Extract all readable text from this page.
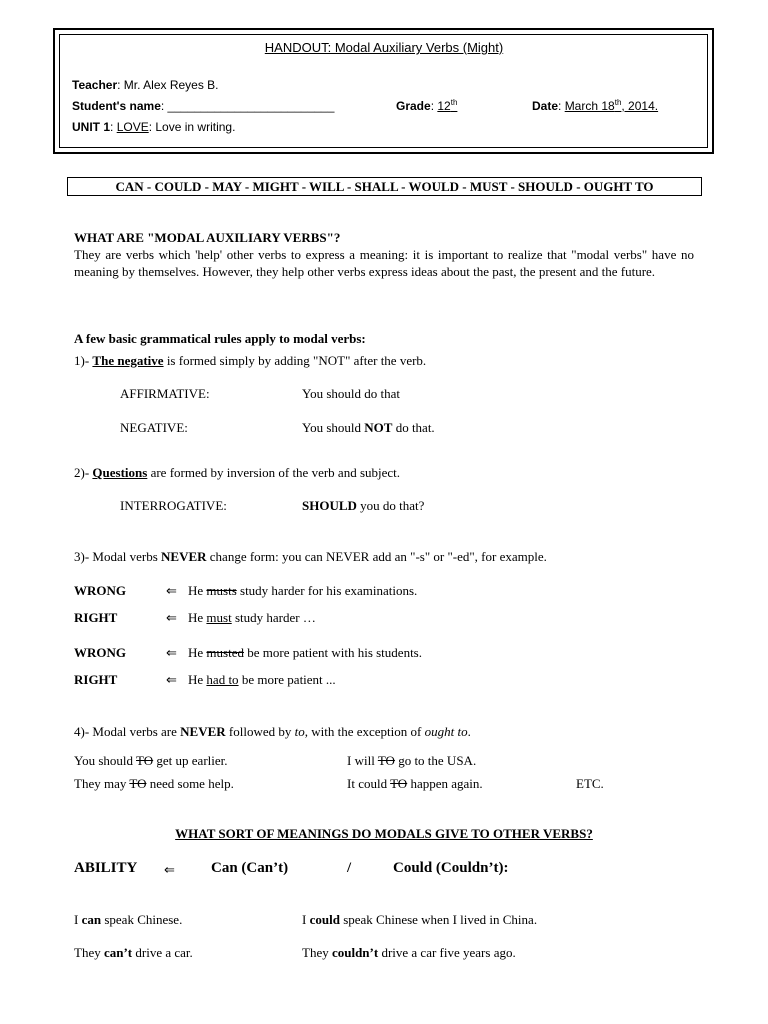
HANDOUT: Modal Auxiliary Verbs (Might)
Teacher: Mr. Alex Reyes B.
Student's name: _________________________	Grade: 12th	Date: March 18th, 2014.
UNIT 1: LOVE: Love in writing.
CAN - COULD - MAY - MIGHT - WILL - SHALL - WOULD - MUST - SHOULD - OUGHT TO
WHAT ARE "MODAL AUXILIARY VERBS"?
They are verbs which 'help' other verbs to express a meaning: it is important to realize that "modal verbs" have no meaning by themselves. However, they help other verbs express ideas about the past, the present and the future.
A few basic grammatical rules apply to modal verbs:
1)- The negative is formed simply by adding "NOT" after the verb.
AFFIRMATIVE:	You should do that
NEGATIVE:	You should NOT do that.
2)- Questions are formed by inversion of the verb and subject.
INTERROGATIVE:	SHOULD you do that?
3)- Modal verbs NEVER change form: you can NEVER add an "-s" or "-ed", for example.
WRONG	⇐ He musts study harder for his examinations.
RIGHT	⇐ He must study harder …
WRONG	⇐ He musted be more patient with his students.
RIGHT	⇐ He had to be more patient ...
4)- Modal verbs are NEVER followed by to, with the exception of ought to.
You should TO get up earlier.	I will TO go to the USA.
They may TO need some help.	It could TO happen again.	ETC.
WHAT SORT OF MEANINGS DO MODALS GIVE TO OTHER VERBS?
ABILITY ⇐ Can (Can’t)	/	Could (Couldn’t):
I can speak Chinese.	I could speak Chinese when I lived in China.
They can’t drive a car.	They couldn’t drive a car five years ago.
